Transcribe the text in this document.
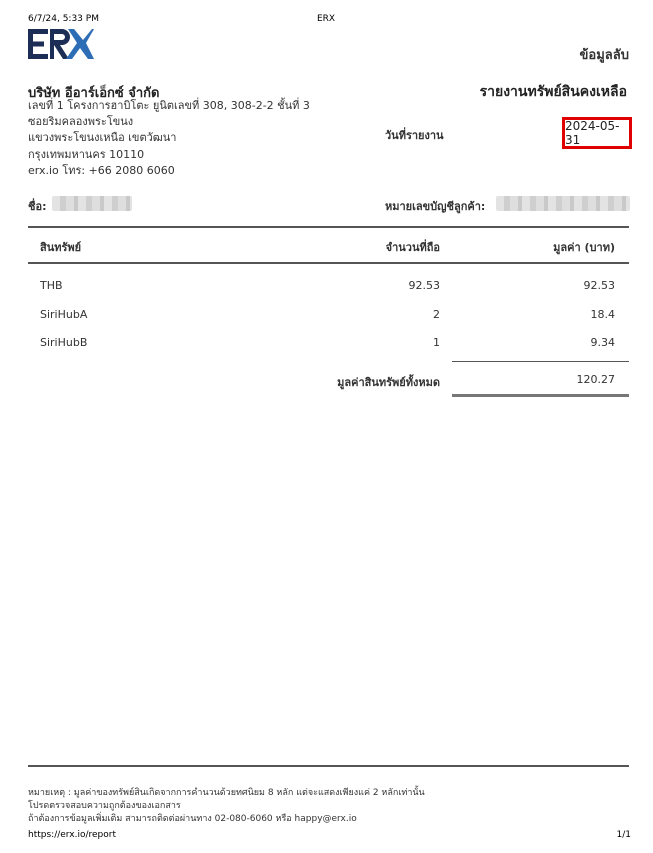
6/7/24, 5:33 PM	ERX
ข้อมูลลับ
บริษัท อีอาร์เอ็กซ์ จำกัด
เลขที่ 1 โครงการฮาบิโตะ ยูนิตเลขที่ 308, 308-2-2 ชั้นที่ 3
ซอยริมคลองพระโขนง
แขวงพระโขนงเหนือ เขตวัฒนา
กรุงเทพมหานคร 10110
erx.io โทร: +66 2080 6060
รายงานทรัพย์สินคงเหลือ
วันที่รายงาน
2024-05-31
ชื่อ:	หมายเลขบัญชีลูกค้า:
สินทรัพย์	จำนวนที่ถือ	มูลค่า (บาท)
THB	92.53	92.53
SiriHubA	2	18.4
SiriHubB	1	9.34
มูลค่าสินทรัพย์ทั้งหมด	120.27
หมายเหตุ : มูลค่าของทรัพย์สินเกิดจากการคำนวนด้วยทศนิยม 8 หลัก แต่จะแสดงเพียงแค่ 2 หลักเท่านั้น
โปรดตรวจสอบความถูกต้องของเอกสาร
ถ้าต้องการข้อมูลเพิ่มเติม สามารถติดต่อผ่านทาง 02-080-6060 หรือ happy@erx.io
https://erx.io/report	1/1
